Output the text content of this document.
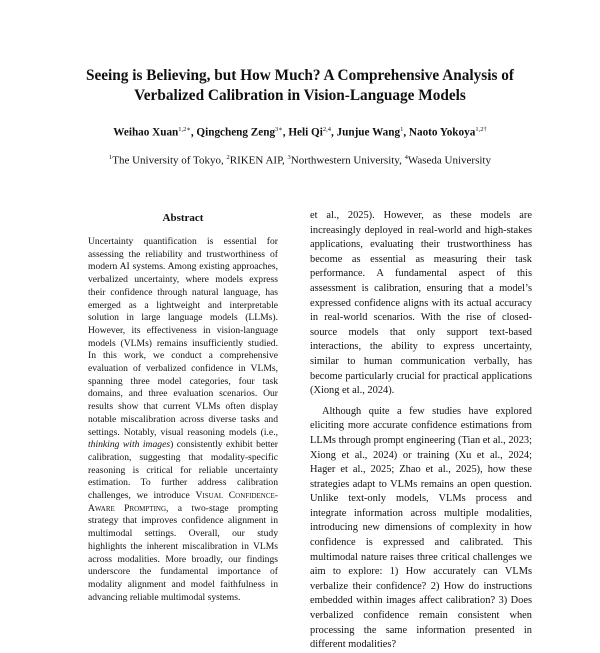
Seeing is Believing, but How Much? A Comprehensive Analysis of Verbalized Calibration in Vision-Language Models
Weihao Xuan$^{1,2∗}$, Qingcheng Zeng$^{3∗}$, Heli Qi$^{2,4}$, Junjue Wang$^1$, Naoto Yokoya$^{1,2\dagger}$
$^1$The University of Tokyo, $^2$RIKEN AIP, $^3$Northwestern University, $^4$Waseda University
Abstract
Uncertainty quantification is essential for assessing the reliability and trustworthiness of modern AI systems. Among existing approaches, verbalized uncertainty, where models express their confidence through natural language, has emerged as a lightweight and interpretable solution in large language models (LLMs). However, its effectiveness in vision-language models (VLMs) remains insufficiently studied. In this work, we conduct a comprehensive evaluation of verbalized confidence in VLMs, spanning three model categories, four task domains, and three evaluation scenarios. Our results show that current VLMs often display notable miscalibration across diverse tasks and settings. Notably, visual reasoning models (i.e., thinking with images) consistently exhibit better calibration, suggesting that modality-specific reasoning is critical for reliable uncertainty estimation. To further address calibration challenges, we introduce Visual Confidence-Aware Prompting, a two-stage prompting strategy that improves confidence alignment in multimodal settings. Overall, our study highlights the inherent miscalibration in VLMs across modalities. More broadly, our findings underscore the fundamental importance of modality alignment and model faithfulness in advancing reliable multimodal systems.

et al., 2025). However, as these models are increasingly deployed in real-world and high-stakes applications, evaluating their trustworthiness has become as essential as measuring their task performance. A fundamental aspect of this assessment is calibration, ensuring that a model’s expressed confidence aligns with its actual accuracy in real-world scenarios. With the rise of closed-source models that only support text-based interactions, the ability to express uncertainty, similar to human communication verbally, has become particularly crucial for practical applications (Xiong et al., 2024).

Although quite a few studies have explored eliciting more accurate confidence estimations from LLMs through prompt engineering (Tian et al., 2023; Xiong et al., 2024) or training (Xu et al., 2024; Hager et al., 2025; Zhao et al., 2025), how these strategies adapt to VLMs remains an open question. Unlike text-only models, VLMs process and integrate information across multiple modalities, introducing new dimensions of complexity in how confidence is expressed and calibrated. This multimodal nature raises three critical challenges we aim to explore: 1) How accurately can VLMs verbalize their confidence? 2) How do instructions embedded within images affect calibration? 3) Does verbalized confidence remain consistent when processing the same information presented in different modalities?
